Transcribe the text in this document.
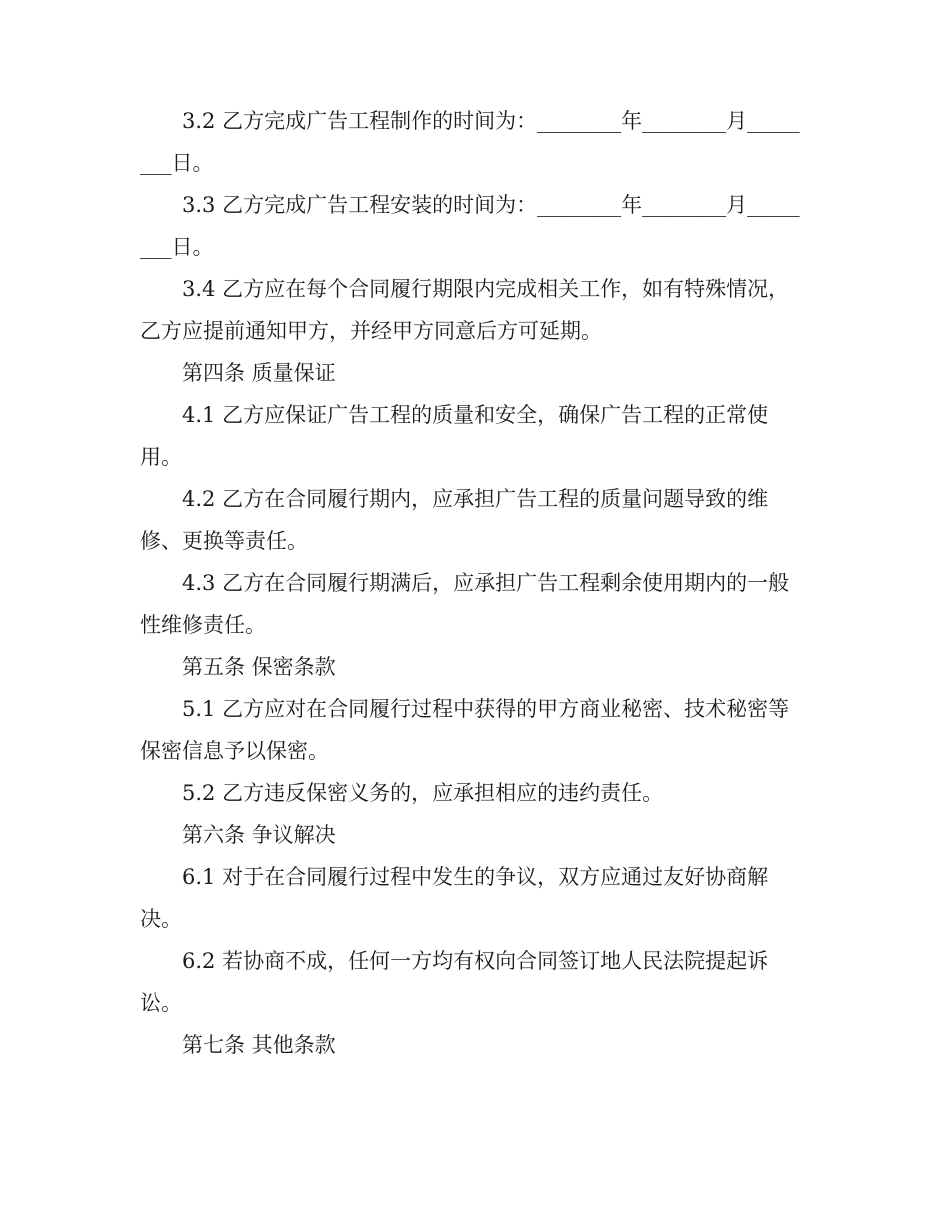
3.2 乙方完成广告工程制作的时间为：________年________月________日。

3.3 乙方完成广告工程安装的时间为：________年________月________日。

3.4 乙方应在每个合同履行期限内完成相关工作，如有特殊情况，乙方应提前通知甲方，并经甲方同意后方可延期。

第四条 质量保证

4.1 乙方应保证广告工程的质量和安全，确保广告工程的正常使用。

4.2 乙方在合同履行期内，应承担广告工程的质量问题导致的维修、更换等责任。

4.3 乙方在合同履行期满后，应承担广告工程剩余使用期内的一般性维修责任。

第五条 保密条款

5.1 乙方应对在合同履行过程中获得的甲方商业秘密、技术秘密等保密信息予以保密。

5.2 乙方违反保密义务的，应承担相应的违约责任。

第六条 争议解决

6.1 对于在合同履行过程中发生的争议，双方应通过友好协商解决。

6.2 若协商不成，任何一方均有权向合同签订地人民法院提起诉讼。

第七条 其他条款
